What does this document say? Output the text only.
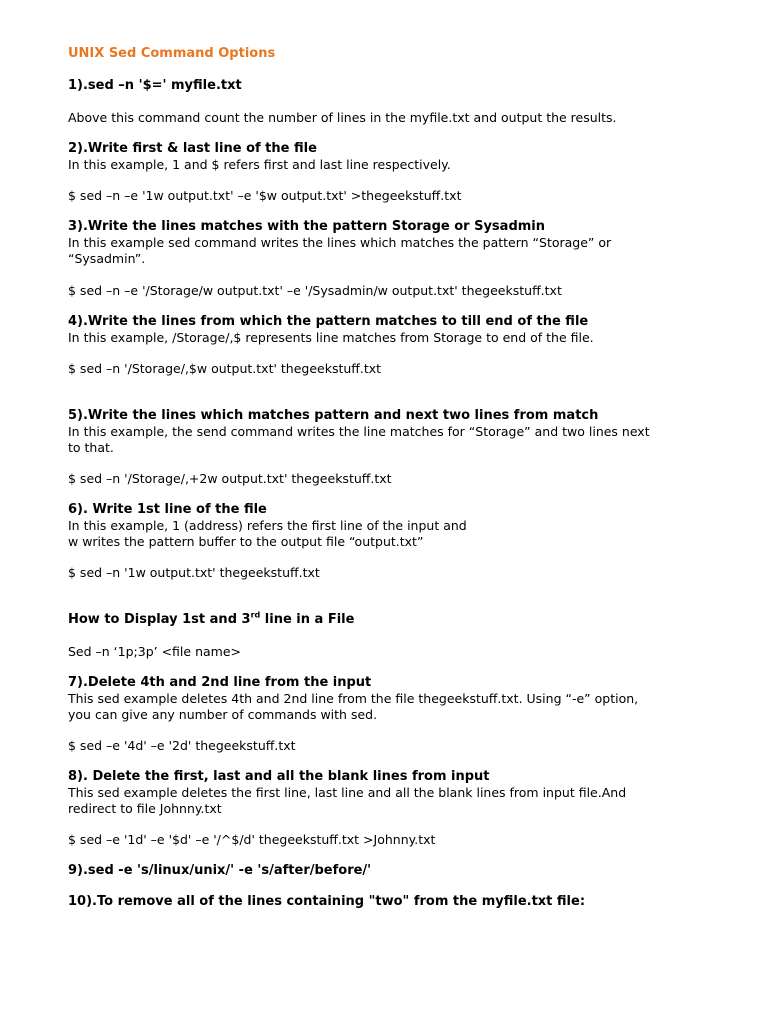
UNIX Sed Command Options
1).sed –n '$=' myfile.txt
Above this command count the number of lines in the myfile.txt and output the results.
2).Write first & last line of the file
In this example, 1 and $ refers first and last line respectively.
$ sed –n –e '1w output.txt' –e '$w output.txt' >thegeekstuff.txt
3).Write the lines matches with the pattern Storage or Sysadmin
In this example sed command writes the lines which matches the pattern “Storage” or
“Sysadmin”.
$ sed –n –e '/Storage/w output.txt' –e '/Sysadmin/w output.txt' thegeekstuff.txt
4).Write the lines from which the pattern matches to till end of the file
In this example, /Storage/,$ represents line matches from Storage to end of the file.
$ sed –n '/Storage/,$w output.txt' thegeekstuff.txt
5).Write the lines which matches pattern and next two lines from match
In this example, the send command writes the line matches for “Storage” and two lines next
to that.
$ sed –n '/Storage/,+2w output.txt' thegeekstuff.txt
6). Write 1st line of the file
In this example, 1 (address) refers the first line of the input and
w writes the pattern buffer to the output file “output.txt”
$ sed –n '1w output.txt' thegeekstuff.txt
How to Display 1st and 3rd line in a File
Sed –n ‘1p;3p’ <file name>
7).Delete 4th and 2nd line from the input
This sed example deletes 4th and 2nd line from the file thegeekstuff.txt. Using “-e” option,
you can give any number of commands with sed.
$ sed –e '4d' –e '2d' thegeekstuff.txt
8). Delete the first, last and all the blank lines from input
This sed example deletes the first line, last line and all the blank lines from input file.And
redirect to file Johnny.txt
$ sed –e '1d' –e '$d' –e '/^$/d' thegeekstuff.txt >Johnny.txt
9).sed -e 's/linux/unix/' -e 's/after/before/'
10).To remove all of the lines containing "two" from the myfile.txt file:
